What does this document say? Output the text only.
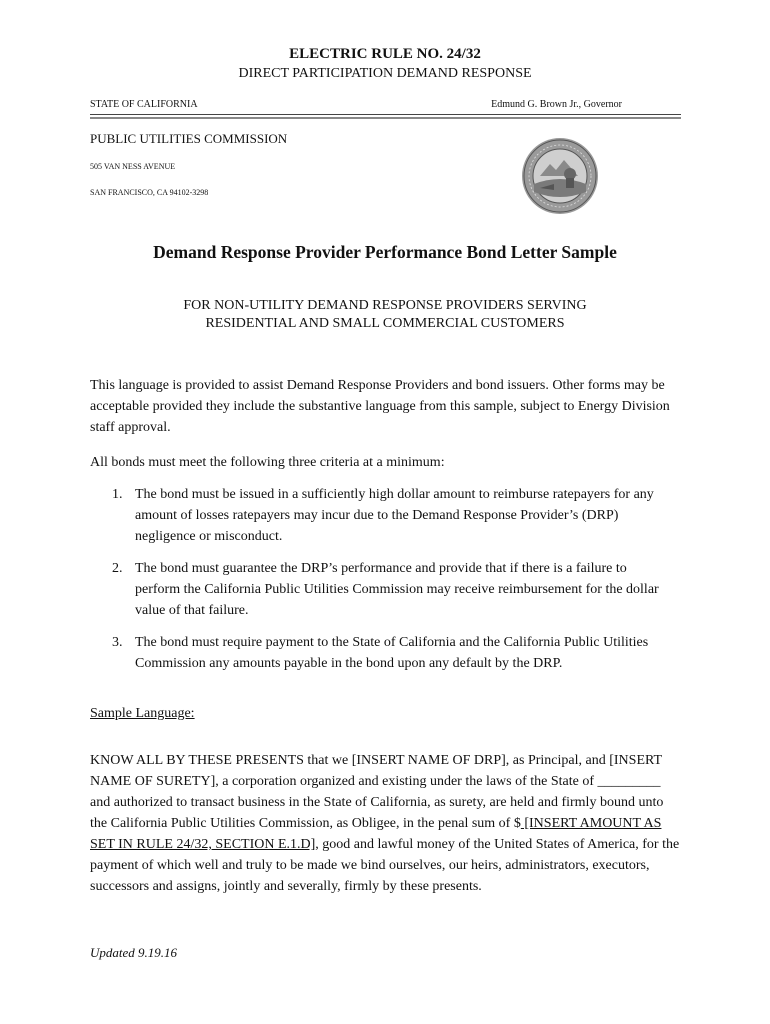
ELECTRIC RULE NO. 24/32
DIRECT PARTICIPATION DEMAND RESPONSE
STATE OF CALIFORNIA	Edmund G. Brown Jr., Governor
PUBLIC UTILITIES COMMISSION
505 VAN NESS AVENUE
SAN FRANCISCO, CA 94102-3298
Demand Response Provider Performance Bond Letter Sample
FOR NON-UTILITY DEMAND RESPONSE PROVIDERS SERVING
RESIDENTIAL AND SMALL COMMERCIAL CUSTOMERS

This language is provided to assist Demand Response Providers and bond issuers. Other forms may be acceptable provided they include the substantive language from this sample, subject to Energy Division staff approval.

All bonds must meet the following three criteria at a minimum:

1. The bond must be issued in a sufficiently high dollar amount to reimburse ratepayers for any amount of losses ratepayers may incur due to the Demand Response Provider’s (DRP) negligence or misconduct.
2. The bond must guarantee the DRP’s performance and provide that if there is a failure to perform the California Public Utilities Commission may receive reimbursement for the dollar value of that failure.
3. The bond must require payment to the State of California and the California Public Utilities Commission any amounts payable in the bond upon any default by the DRP.
Sample Language:

KNOW ALL BY THESE PRESENTS that we [INSERT NAME OF DRP], as Principal, and [INSERT NAME OF SURETY], a corporation organized and existing under the laws of the State of _________ and authorized to transact business in the State of California, as surety, are held and firmly bound unto the California Public Utilities Commission, as Obligee, in the penal sum of $ [INSERT AMOUNT AS SET IN RULE 24/32, SECTION E.1.D], good and lawful money of the United States of America, for the payment of which well and truly to be made we bind ourselves, our heirs, administrators, executors, successors and assigns, jointly and severally, firmly by these presents.

Updated 9.19.16
